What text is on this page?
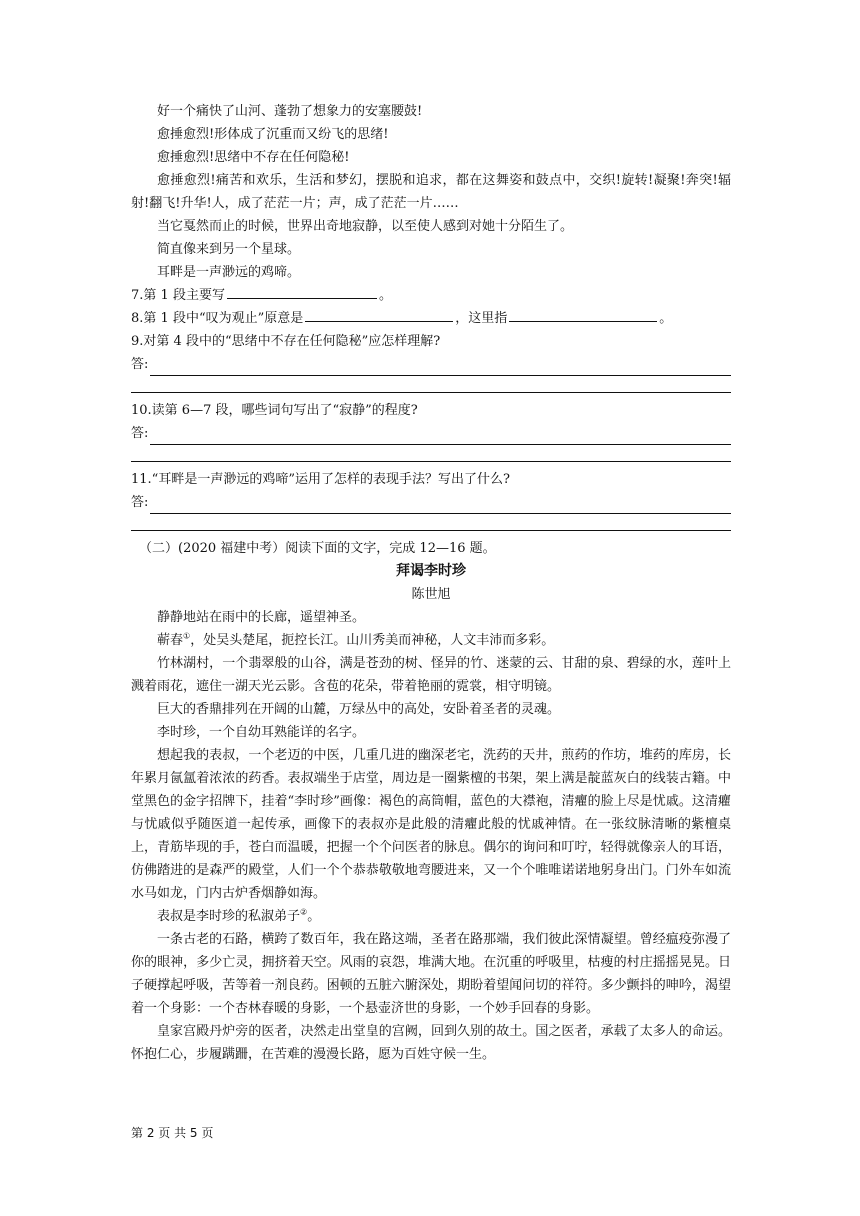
好一个痛快了山河、蓬勃了想象力的安塞腰鼓!

愈捶愈烈!形体成了沉重而又纷飞的思绪!

愈捶愈烈!思绪中不存在任何隐秘!

愈捶愈烈!痛苦和欢乐，生活和梦幻，摆脱和追求，都在这舞姿和鼓点中，交织!旋转!凝聚!奔突!辐射!翻飞!升华!人，成了茫茫一片；声，成了茫茫一片……

当它戛然而止的时候，世界出奇地寂静，以至使人感到对她十分陌生了。

简直像来到另一个星球。

耳畔是一声渺远的鸡啼。

7.第 1 段主要写	。
8.第 1 段中“叹为观止”原意是	，这里指	。
9.对第 4 段中的“思绪中不存在任何隐秘”应怎样理解?
答:
10.读第 6—7 段，哪些词句写出了“寂静”的程度?
答:
11.“耳畔是一声渺远的鸡啼”运用了怎样的表现手法？写出了什么?
答:
（二）(2020 福建中考）阅读下面的文字，完成 12—16 题。
拜谒李时珍
陈世旭

静静地站在雨中的长廊，遥望神圣。

蕲春①，处吴头楚尾，扼控长江。山川秀美而神秘，人文丰沛而多彩。

竹林湖村，一个翡翠般的山谷，满是苍劲的树、怪异的竹、迷蒙的云、甘甜的泉、碧绿的水，莲叶上溅着雨花，遮住一湖天光云影。含苞的花朵，带着艳丽的霓裳，相守明镜。

巨大的香鼎排列在开阔的山麓，万绿丛中的高处，安卧着圣者的灵魂。

李时珍，一个自幼耳熟能详的名字。

想起我的表叔，一个老迈的中医，几重几进的幽深老宅，洗药的天井，煎药的作坊，堆药的库房，长年累月氤氲着浓浓的药香。表叔端坐于店堂，周边是一圈紫檀的书架，架上满是靛蓝灰白的线装古籍。中堂黑色的金字招牌下，挂着“李时珍”画像：褐色的高筒帽，蓝色的大襟袍，清癯的脸上尽是忧戚。这清癯与忧戚似乎随医道一起传承，画像下的表叔亦是此般的清癯此般的忧戚神情。在一张纹脉清晰的紫檀桌上，青筋毕现的手，苍白而温暖，把握一个个问医者的脉息。偶尔的询问和叮咛，轻得就像亲人的耳语，仿佛踏进的是森严的殿堂，人们一个个恭恭敬敬地弯腰进来，又一个个唯唯诺诺地躬身出门。门外车如流水马如龙，门内古炉香烟静如海。

表叔是李时珍的私淑弟子②。

一条古老的石路，横跨了数百年，我在路这端，圣者在路那端，我们彼此深情凝望。曾经瘟疫弥漫了你的眼神，多少亡灵，拥挤着天空。风雨的哀怨，堆满大地。在沉重的呼吸里，枯瘦的村庄摇摇晃晃。日子硬撑起呼吸，苦等着一剂良药。困顿的五脏六腑深处，期盼着望闻问切的祥符。多少颤抖的呻吟，渴望着一个身影：一个杏林春暖的身影，一个悬壶济世的身影，一个妙手回春的身影。

皇家宫殿丹炉旁的医者，决然走出堂皇的宫阙，回到久别的故土。国之医者，承载了太多人的命运。怀抱仁心，步履蹒跚，在苦难的漫漫长路，愿为百姓守候一生。

第 2 页 共 5 页
